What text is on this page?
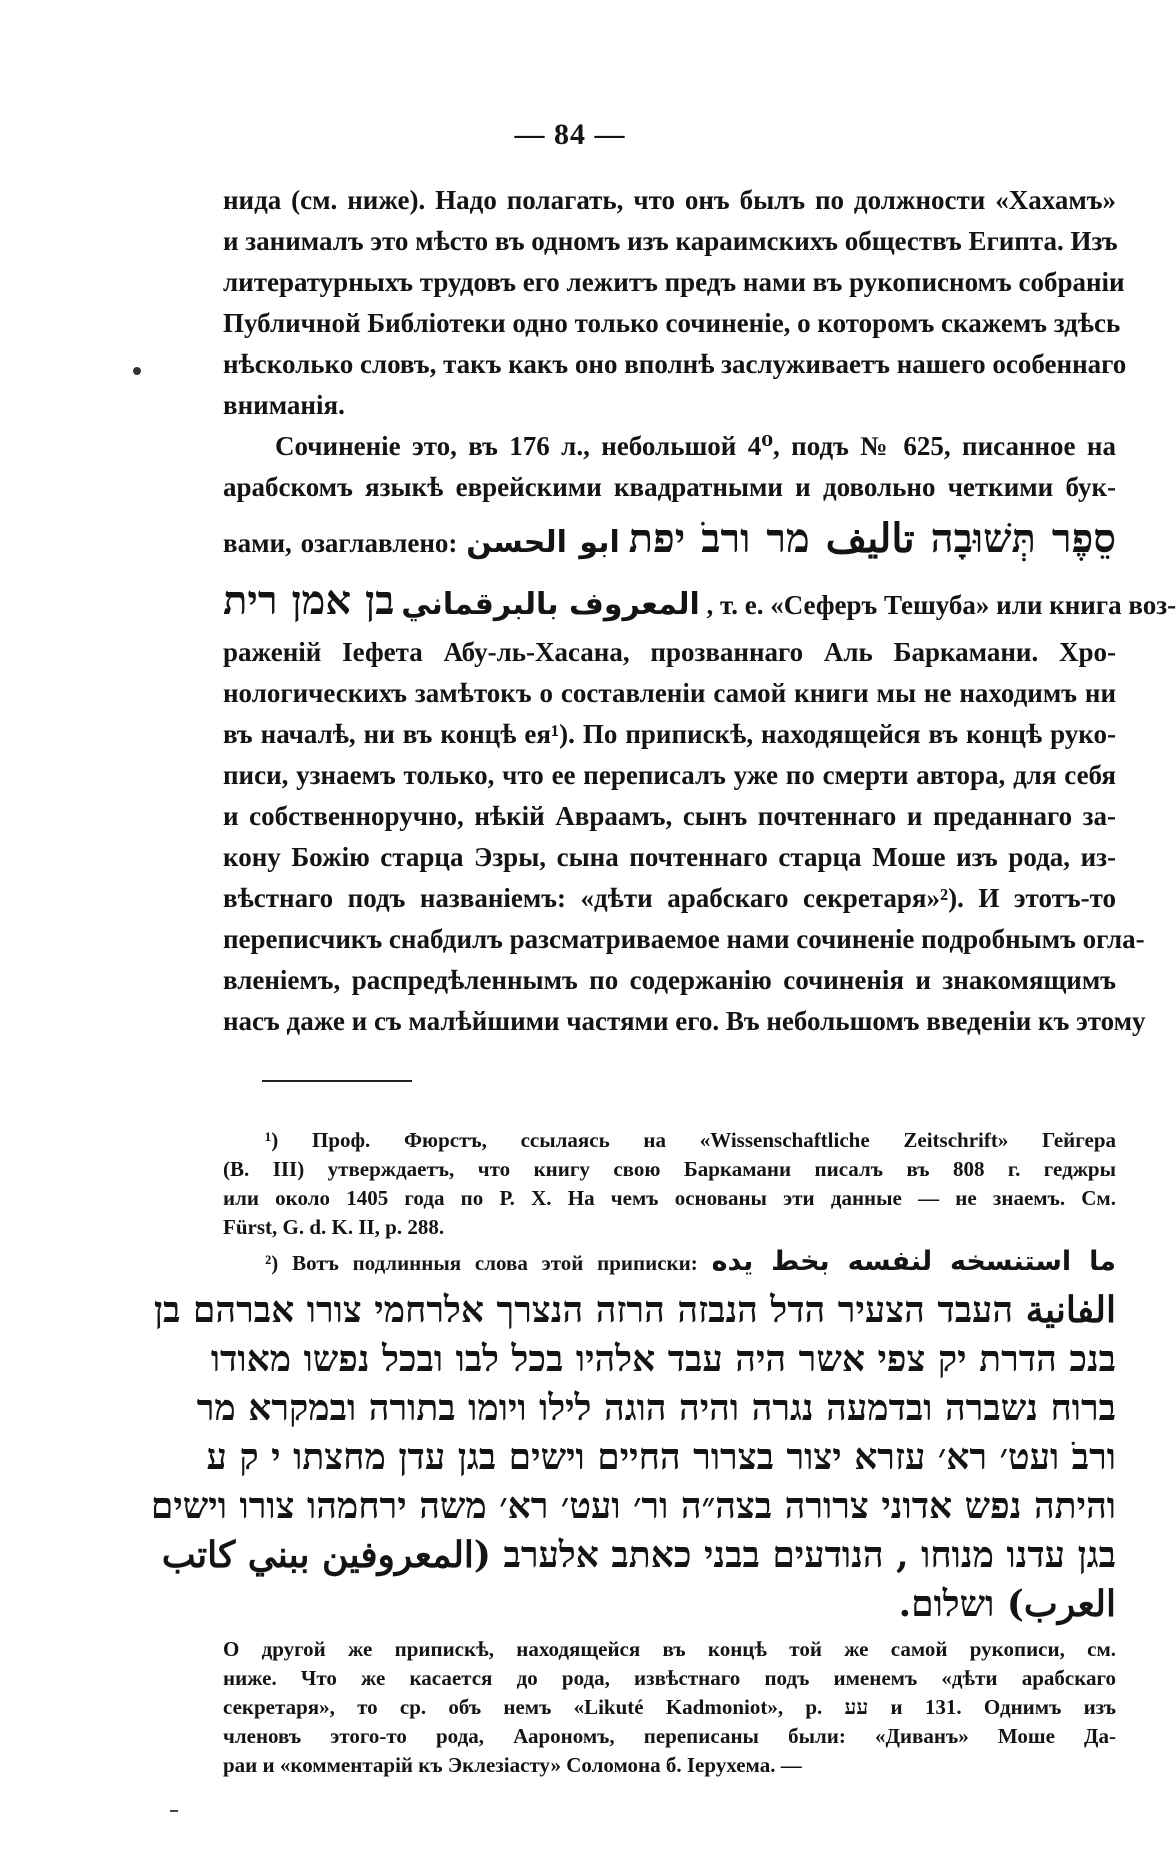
— 84 —
нида (см. ниже). Надо полагать, что онъ былъ по должности «Хахамъ»
и занималъ это мѣсто въ одномъ изъ караимскихъ обществъ Египта. Изъ
литературныхъ трудовъ его лежитъ предъ нами въ рукописномъ собраніи
Публичной Библіотеки одно только сочиненіе, о которомъ скажемъ здѣсь
нѣсколько словъ, такъ какъ оно вполнѣ заслуживаетъ нашего особеннаго
вниманія.
Сочиненіе это, въ 176 л., небольшой 4⁰, подъ № 625, писанное на
арабскомъ языкѣ еврейскими квадратными и довольно четкими бук-
вами, озаглавлено: ابو الحسن סֵפֶר תְּשׁוּבָה تاليف מר ורבֹ יפת
בן אמן רית المعروف بالبرقماني , т. е. «Сеферъ Тешуба» или книга воз-
раженій Іефета Абу-ль-Хасана, прозваннаго Аль Баркамани. Хро-
нологическихъ замѣтокъ о составленіи самой книги мы не находимъ ни
въ началѣ, ни въ концѣ ея¹). По припискѣ, находящейся въ концѣ руко-
писи, узнаемъ только, что ее переписалъ уже по смерти автора, для себя
и собственноручно, нѣкій Авраамъ, сынъ почтеннаго и преданнаго за-
кону Божію старца Эзры, сына почтеннаго старца Моше изъ рода, из-
вѣстнаго подъ названіемъ: «дѣти арабскаго секретаря»²). И этотъ-то
переписчикъ снабдилъ разсматриваемое нами сочиненіе подробнымъ огла-
вленіемъ, распредѣленнымъ по содержанію сочиненія и знакомящимъ
насъ даже и съ малѣйшими частями его. Въ небольшомъ введеніи къ этому
¹) Проф. Фюрстъ, ссылаясь на «Wissenschaftliche Zeitschrift» Гейгера
(В. III) утверждаетъ, что книгу свою Баркамани писалъ въ 808 г. геджры
или около 1405 года по Р. Х. На чемъ основаны эти данные — не знаемъ. См.
Fürst, G. d. K. II, p. 288.
²) Вотъ подлинныя слова этой приписки: ما استنسخه لنفسه بخط يده
الفانية העבד הצעיר הדל הנבזה הרזה הנצרך אלרחמי צורו אברהם בן
בנכ הדרת יק צפי אשר היה עבד אלהיו בכל לבו ובכל נפשו מאודו
ברוח נשברה ובדמעה נגרה והיה הוגה לילו ויומו בתורה ובמקרא מר
ורבֹ ועט׳ רא׳ עזרא יצור בצרור החיים וישים בגן עדן מחצתו י ק ע
והיתה נפש אדוני צרורה בצה״ה ור׳ ועט׳ רא׳ משה ירחמהו צורו וישים
בגן עדנו מנוחו , הנודעים בבני כאתב אלערב (المعروفين ببني كاتب
العرب) ושלום.
О другой же припискѣ, находящейся въ концѣ той же самой рукописи, см.
ниже. Что же касается до рода, извѣстнаго подъ именемъ «дѣти арабскаго
секретаря», то ср. объ немъ «Likuté Kadmoniot», р. עע и 131. Однимъ изъ
членовъ этого-то рода, Аарономъ, переписаны были: «Диванъ» Моше Да-
раи и «комментарій къ Эклезіасту» Соломона б. Іерухема. —
